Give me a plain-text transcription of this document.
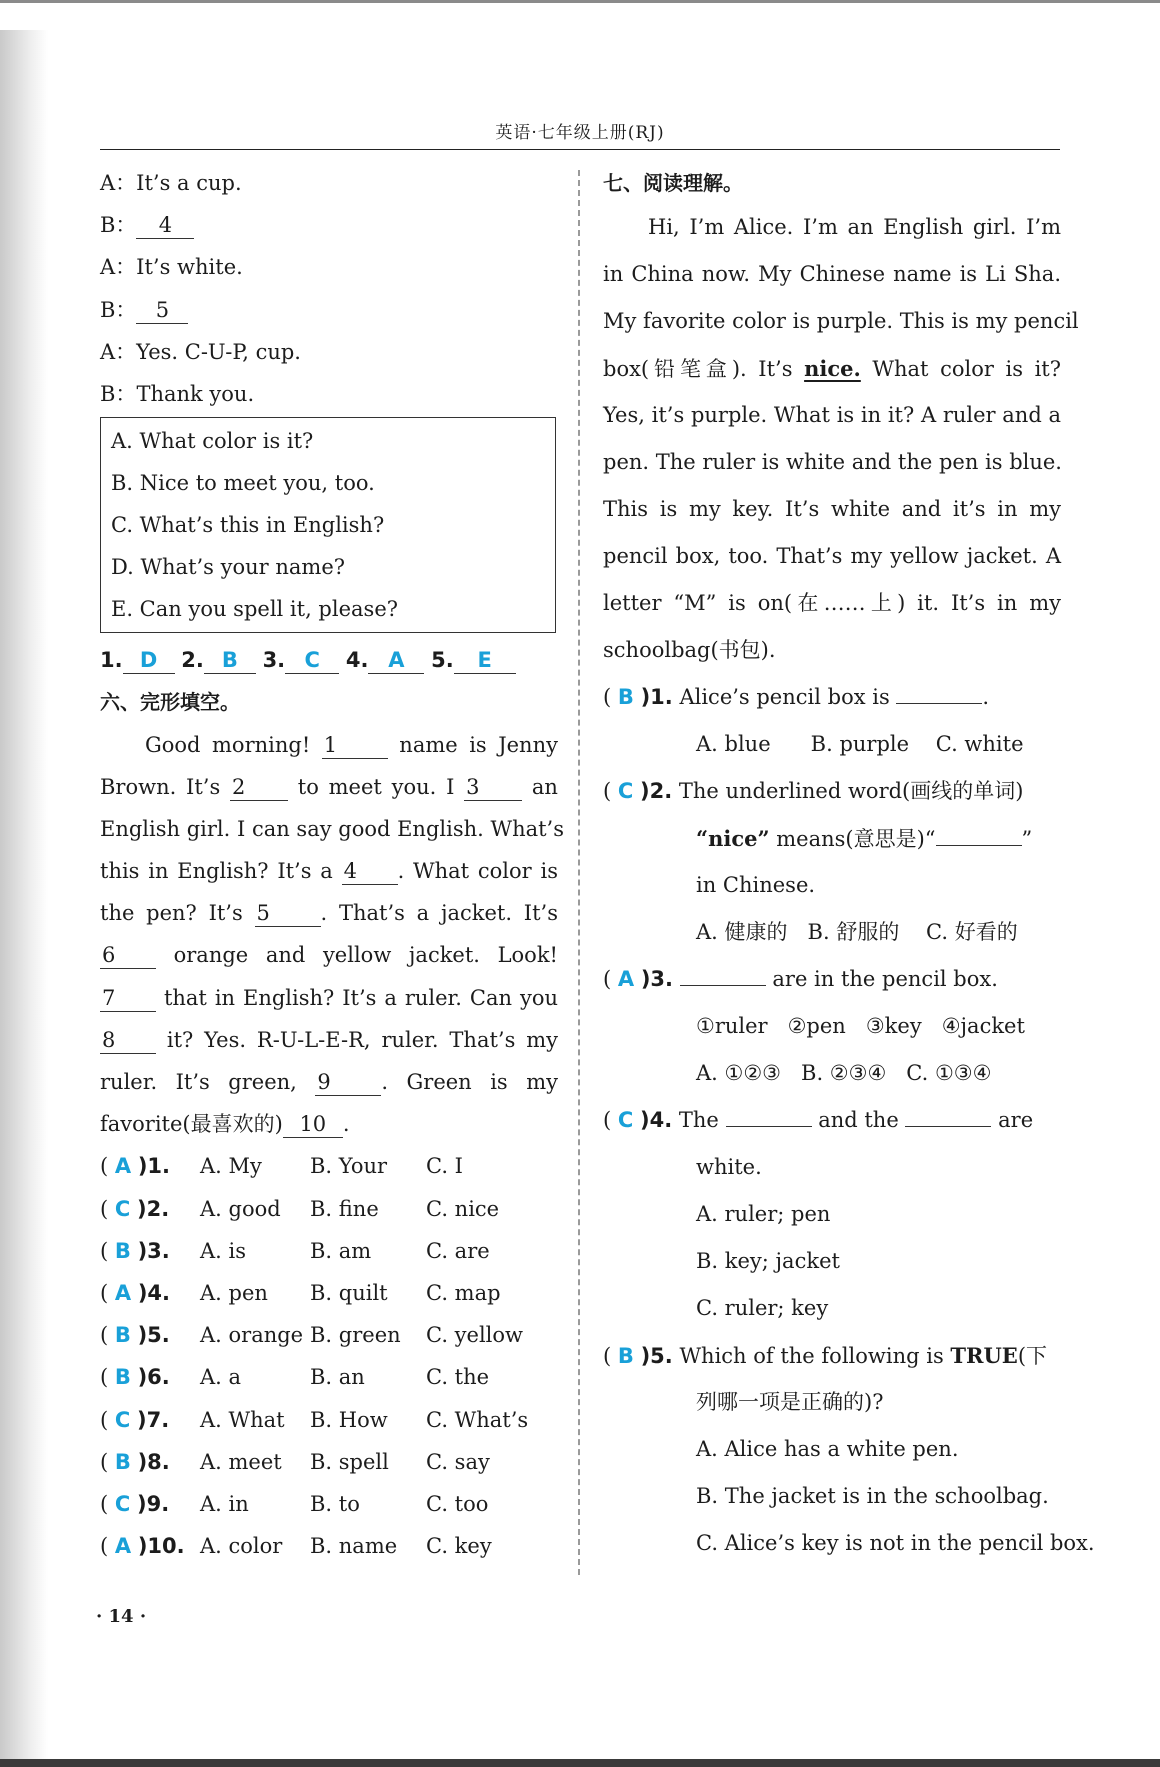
英语·七年级上册(RJ)
A：It’s a cup.
B： 4
A：It’s white.
B： 5
A：Yes. C-U-P, cup.
B：Thank you.
A. What color is it?
B. Nice to meet you, too.
C. What’s this in English?
D. What’s your name?
E. Can you spell it, please?
1. D 2. B 3. C 4. A 5. E
六、完形填空。
Good morning! 1	name is Jenny
Brown. It’s 2 to meet you. I 3 an
English girl. I can say good English. What’s
this in English? It’s a 4 . What color is
the pen? It’s 5 . That’s a jacket. It’s
6	orange and yellow jacket. Look!
7 that in English? It’s a ruler. Can you
8 it? Yes. R-U-L-E-R, ruler. That’s my
ruler. It’s green, 9 . Green is my
favorite(最喜欢的) 10 .
( A )1.	A. My	B. Your	C. I
( C )2.	A. good	B. fine	C. nice
( B )3.	A. is	B. am	C. are
( A )4.	A. pen	B. quilt	C. map
( B )5.	A. orange B. green	C. yellow
( B )6.	A. a	B. an	C. the
( C )7.	A. What	B. How	C. What’s
( B )8.	A. meet	B. spell	C. say
( C )9.	A. in	B. to	C. too
( A )10. A. color	B. name	C. key
七、阅读理解。
Hi, I’m Alice. I’m an English girl. I’m
in China now. My Chinese name is Li Sha.
My favorite color is purple. This is my pencil
box(铅笔盒). It’s nice. What color is it?
Yes, it’s purple. What is in it? A ruler and a
pen. The ruler is white and the pen is blue.
This is my key. It’s white and it’s in my
pencil box, too. That’s my yellow jacket. A
letter “M” is on(在……上) it. It’s in my
schoolbag(书包).
( B )1. Alice’s pencil box is	.
A. blue      B. purple    C. white
( C )2. The underlined word(画线的单词)
“nice” means(意思是)“	”
in Chinese.
A. 健康的   B. 舒服的    C. 好看的
( A )3.	are in the pencil box.
①ruler   ②pen   ③key   ④jacket
A. ①②③   B. ②③④   C. ①③④
( C )4. The	and the	are
white.
A. ruler; pen
B. key; jacket
C. ruler; key
( B )5. Which of the following is TRUE(下
列哪一项是正确的)?
A. Alice has a white pen.
B. The jacket is in the schoolbag.
C. Alice’s key is not in the pencil box.
· 14 ·
